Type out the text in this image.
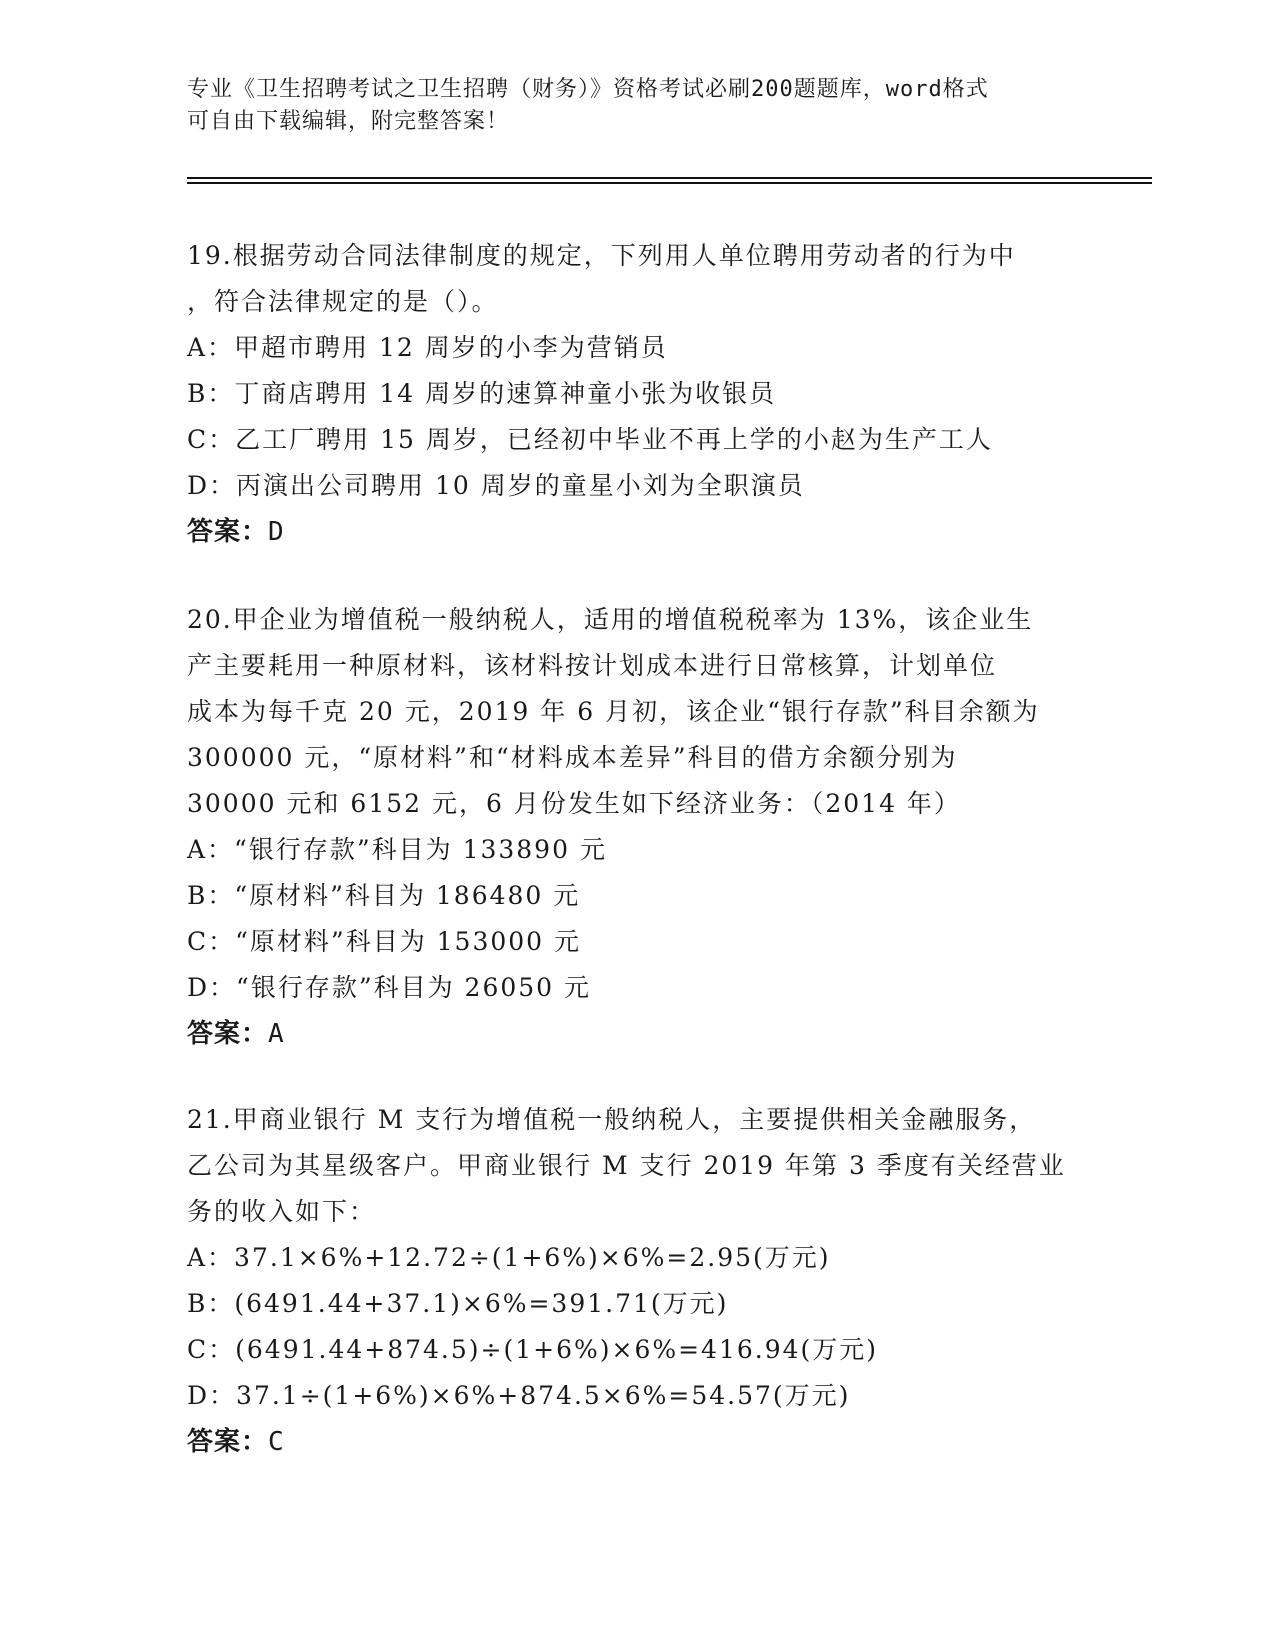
专业《卫生招聘考试之卫生招聘（财务）》资格考试必刷200题题库，word格式
可自由下载编辑，附完整答案！

19.根据劳动合同法律制度的规定，下列用人单位聘用劳动者的行为中

，符合法律规定的是（）。

A：甲超市聘用 12 周岁的小李为营销员

B：丁商店聘用 14 周岁的速算神童小张为收银员

C：乙工厂聘用 15 周岁，已经初中毕业不再上学的小赵为生产工人

D：丙演出公司聘用 10 周岁的童星小刘为全职演员

答案：D

20.甲企业为增值税一般纳税人，适用的增值税税率为 13%，该企业生

产主要耗用一种原材料，该材料按计划成本进行日常核算，计划单位

成本为每千克 20 元，2019 年 6 月初，该企业“银行存款”科目余额为

300000 元，“原材料”和“材料成本差异”科目的借方余额分别为

30000 元和 6152 元，6 月份发生如下经济业务：（2014 年）

A：“银行存款”科目为 133890 元

B：“原材料”科目为 186480 元

C：“原材料”科目为 153000 元

D：“银行存款”科目为 26050 元

答案：A

21.甲商业银行 M 支行为增值税一般纳税人，主要提供相关金融服务，

乙公司为其星级客户。甲商业银行 M 支行 2019 年第 3 季度有关经营业

务的收入如下：

A：37.1×6%+12.72÷(1+6%)×6%=2.95(万元)

B：(6491.44+37.1)×6%=391.71(万元)

C：(6491.44+874.5)÷(1+6%)×6%=416.94(万元)

D：37.1÷(1+6%)×6%+874.5×6%=54.57(万元)

答案：C
